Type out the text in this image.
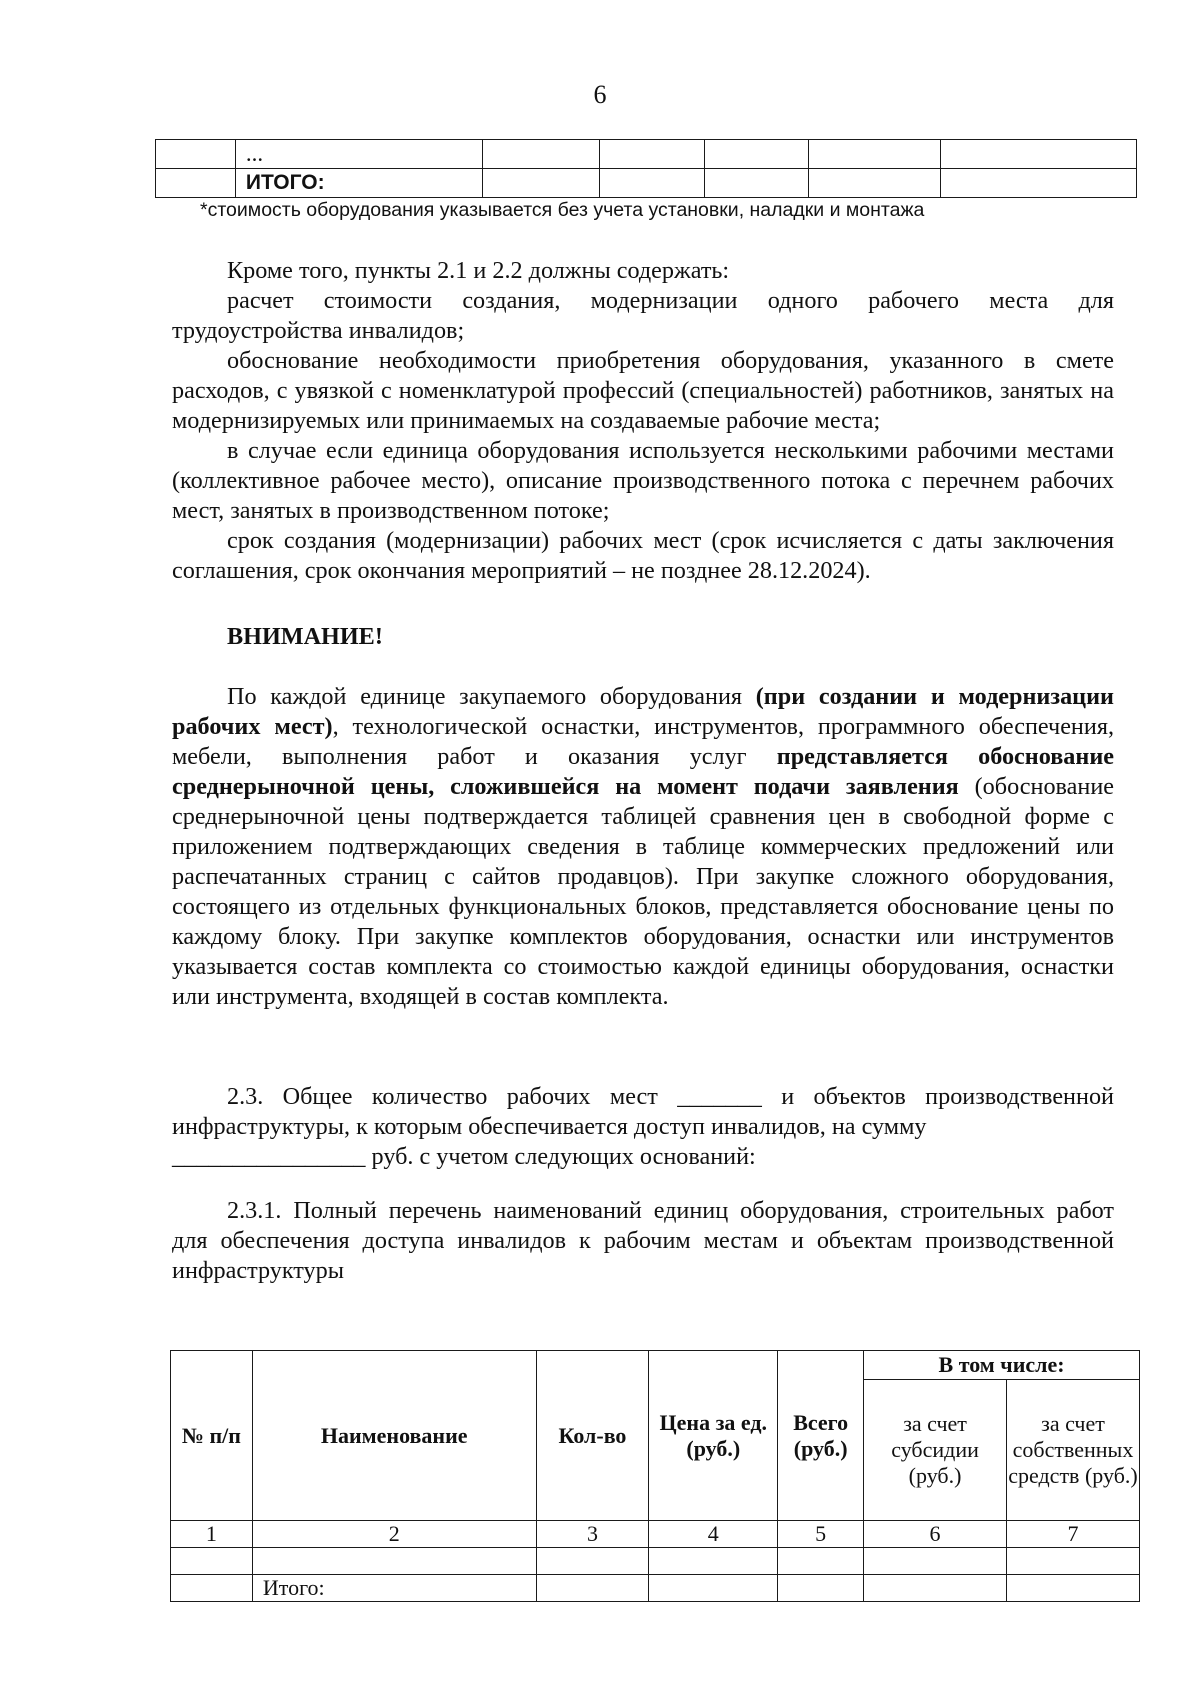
6
	...					
	ИТОГО:					
*стоимость оборудования указывается без учета установки, наладки и монтажа

Кроме того, пункты 2.1 и 2.2 должны содержать:

расчет стоимости создания, модернизации одного рабочего места для трудоустройства инвалидов;

обоснование необходимости приобретения оборудования, указанного в смете расходов, с увязкой с номенклатурой профессий (специальностей) работников, занятых на модернизируемых или принимаемых на создаваемые рабочие места;

в случае если единица оборудования используется несколькими рабочими местами (коллективное рабочее место), описание производственного потока с перечнем рабочих мест, занятых в производственном потоке;

срок создания (модернизации) рабочих мест (срок исчисляется с даты заключения соглашения, срок окончания мероприятий – не позднее 28.12.2024).

ВНИМАНИЕ!

По каждой единице закупаемого оборудования (при создании и модернизации рабочих мест), технологической оснастки, инструментов, программного обеспечения, мебели, выполнения работ и оказания услуг представляется обоснование среднерыночной цены, сложившейся на момент подачи заявления (обоснование среднерыночной цены подтверждается таблицей сравнения цен в свободной форме с приложением подтверждающих сведения в таблице коммерческих предложений или распечатанных страниц с сайтов продавцов). При закупке сложного оборудования, состоящего из отдельных функциональных блоков, представляется обоснование цены по каждому блоку. При закупке комплектов оборудования, оснастки или инструментов указывается состав комплекта со стоимостью каждой единицы оборудования, оснастки или инструмента, входящей в состав комплекта.

2.3. Общее количество рабочих мест _______ и объектов производственной инфраструктуры, к которым обеспечивается доступ инвалидов, на сумму

________________ руб. с учетом следующих оснований:

2.3.1. Полный перечень наименований единиц оборудования, строительных работ для обеспечения доступа инвалидов к рабочим местам и объектам производственной инфраструктуры

№ п/п	Наименование	Кол-во	Цена за ед. (руб.)	Всего (руб.)	В том числе:	
					за счет субсидии (руб.)	за счет собственных средств (руб.)
1	2	3	4	5	6	7

	Итого:					
